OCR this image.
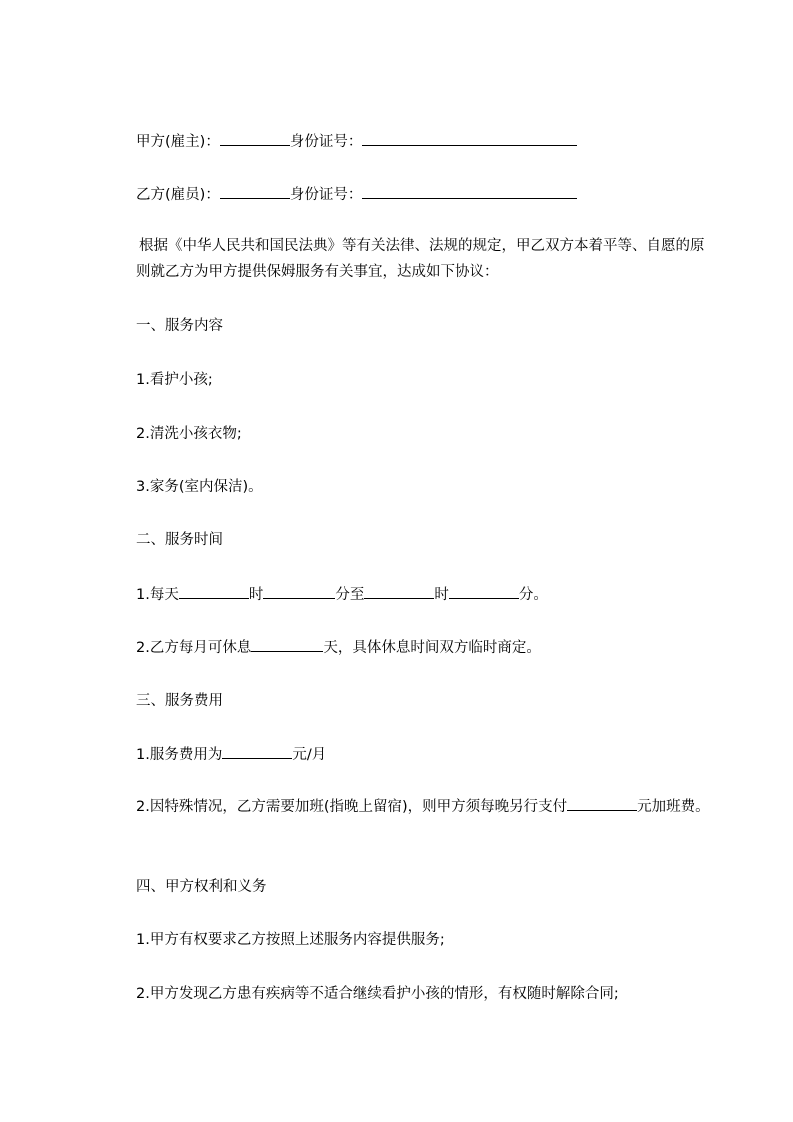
甲方(雇主)：	身份证号：
乙方(雇员)：	身份证号：
根据《中华人民共和国民法典》等有关法律、法规的规定，甲乙双方本着平等、自愿的原则就乙方为甲方提供保姆服务有关事宜，达成如下协议：
一、服务内容
1.看护小孩;
2.清洗小孩衣物;
3.家务(室内保洁)。
二、服务时间
1.每天	时	分至	时	分。
2.乙方每月可休息	天，具体休息时间双方临时商定。
三、服务费用
1.服务费用为	元/月
2.因特殊情况，乙方需要加班(指晚上留宿)，则甲方须每晚另行支付	元加班费。
四、甲方权利和义务
1.甲方有权要求乙方按照上述服务内容提供服务;
2.甲方发现乙方患有疾病等不适合继续看护小孩的情形，有权随时解除合同;
